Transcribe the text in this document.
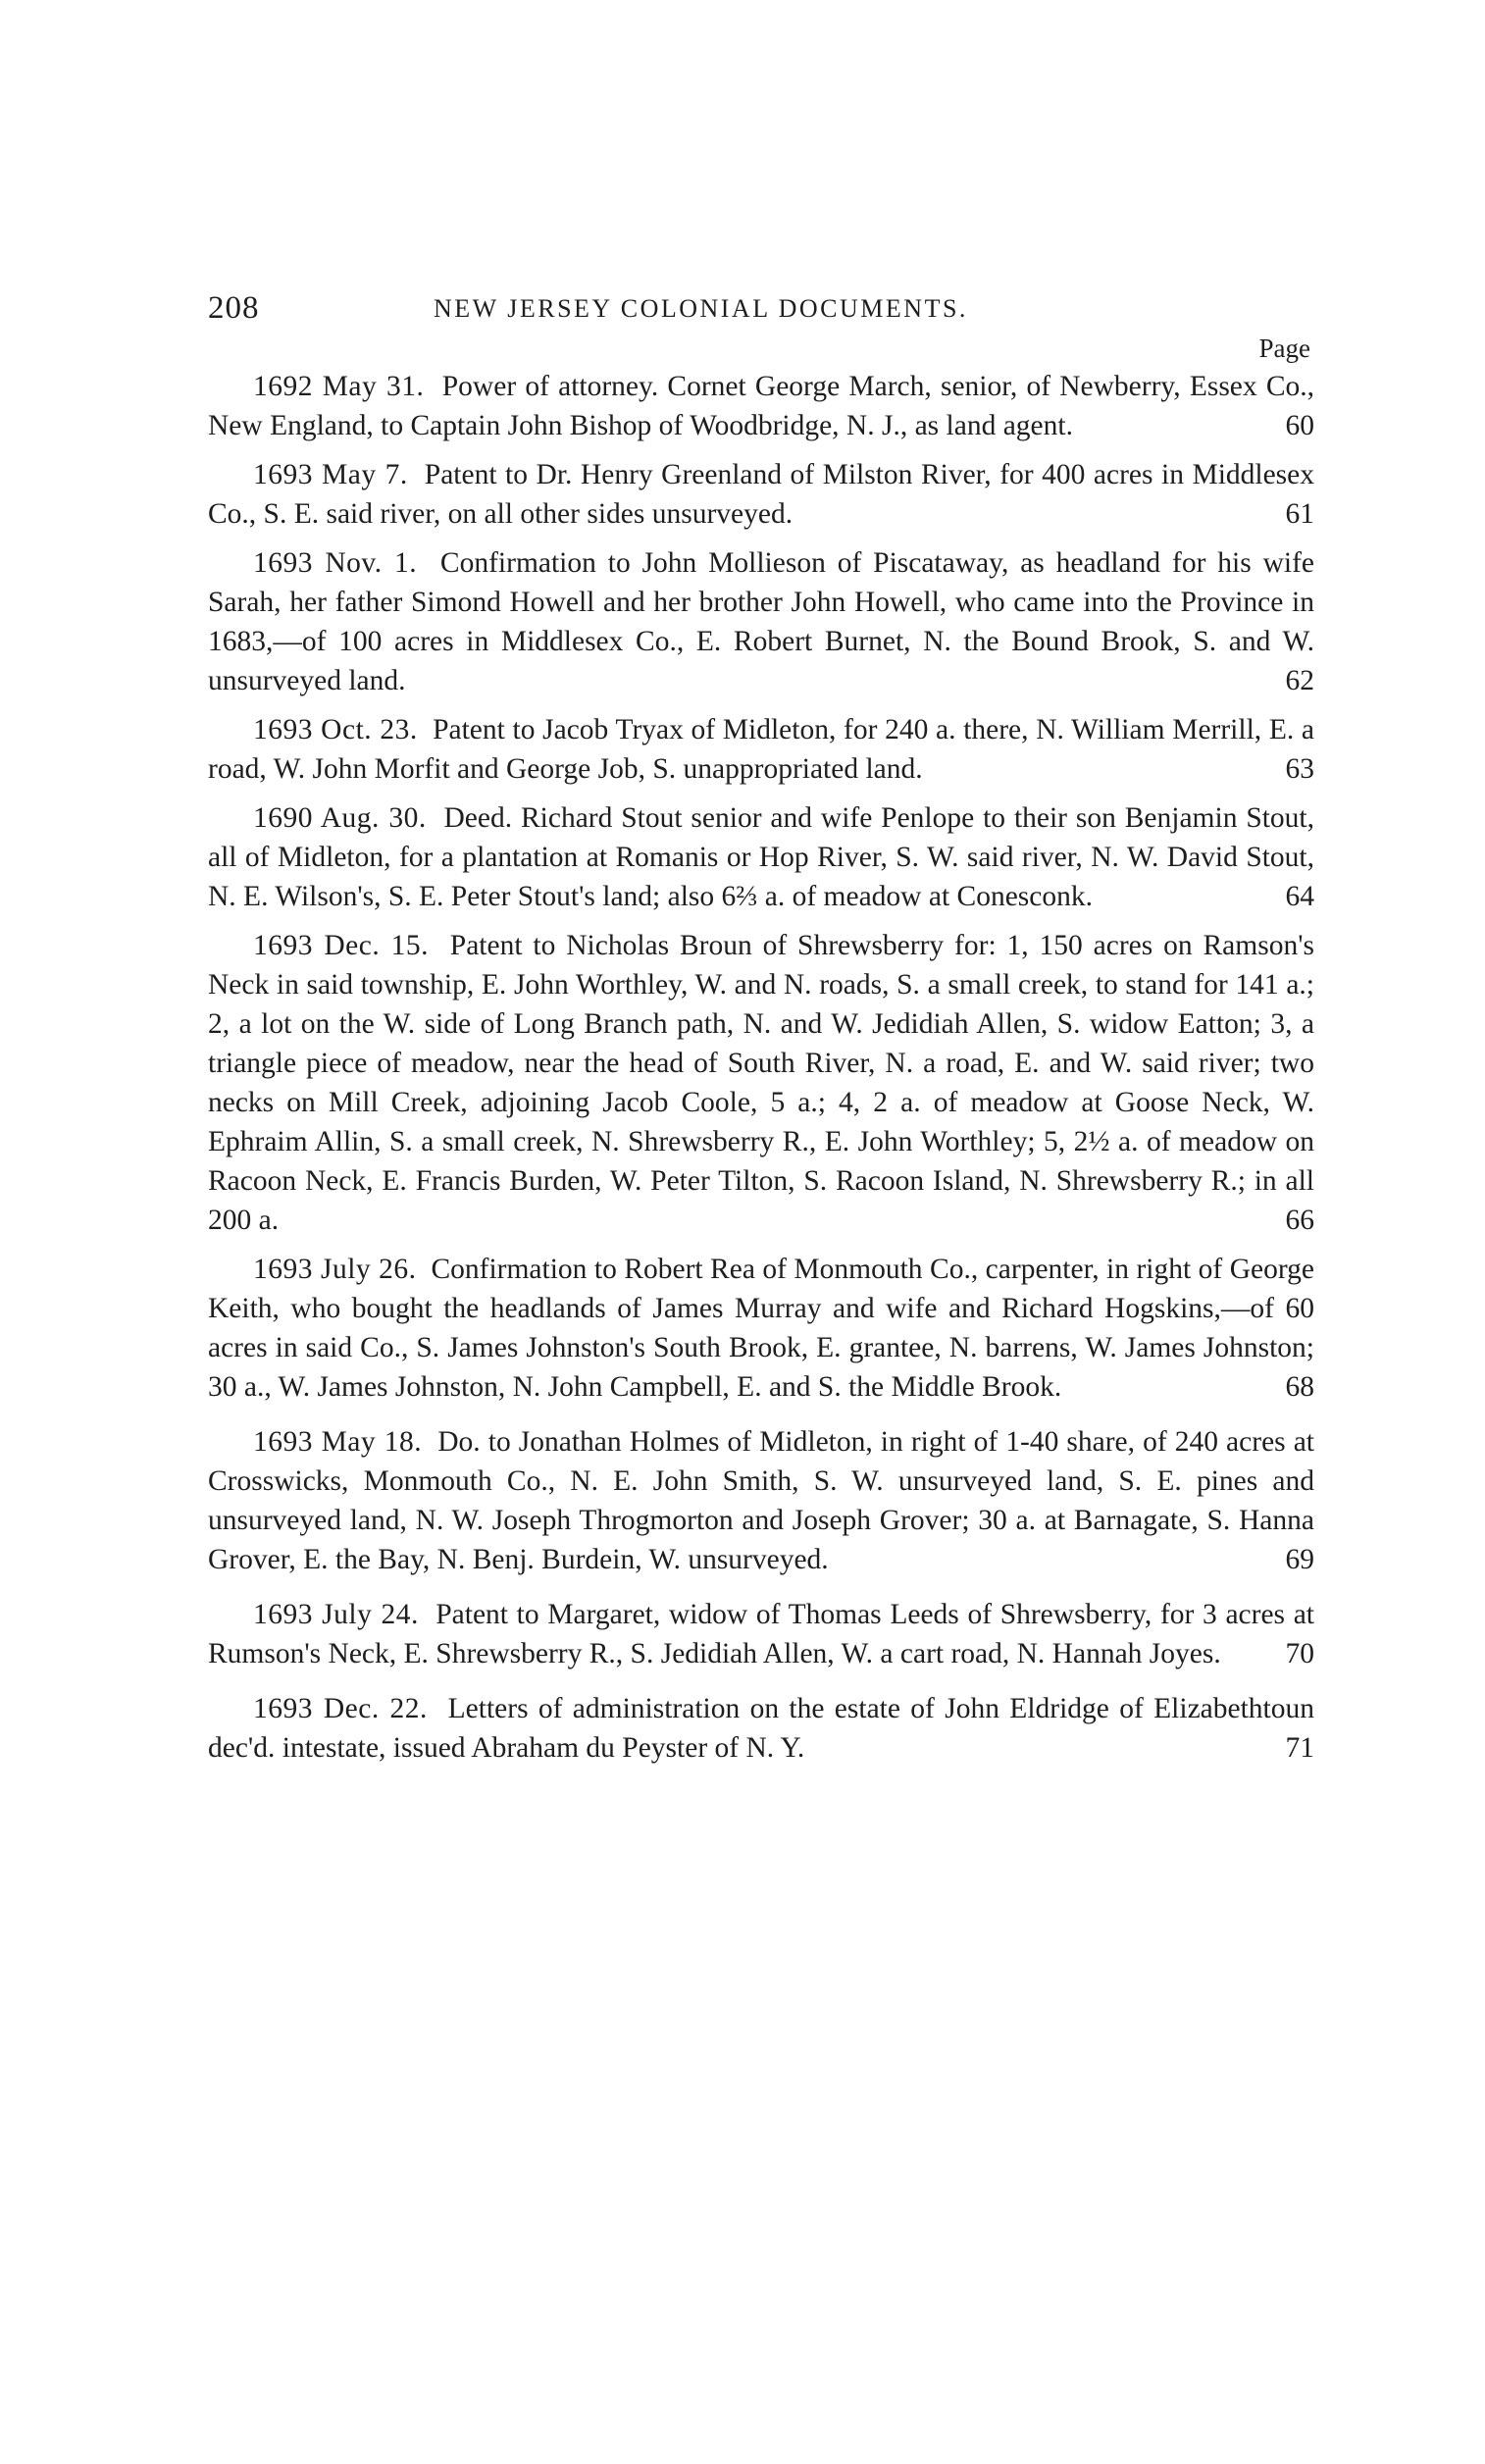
208	NEW JERSEY COLONIAL DOCUMENTS.
Page
1692 May 31. Power of attorney. Cornet George March, senior, of Newberry, Essex Co., New England, to Captain John Bishop of Woodbridge, N. J., as land agent.	60
1693 May 7. Patent to Dr. Henry Greenland of Milston River, for 400 acres in Middlesex Co., S. E. said river, on all other sides unsurveyed.	61
1693 Nov. 1. Confirmation to John Mollieson of Piscataway, as headland for his wife Sarah, her father Simond Howell and her brother John Howell, who came into the Province in 1683,—of 100 acres in Middlesex Co., E. Robert Burnet, N. the Bound Brook, S. and W. unsurveyed land.	62
1693 Oct. 23. Patent to Jacob Tryax of Midleton, for 240 a. there, N. William Merrill, E. a road, W. John Morfit and George Job, S. unappropriated land.	63
1690 Aug. 30. Deed. Richard Stout senior and wife Penlope to their son Benjamin Stout, all of Midleton, for a plantation at Romanis or Hop River, S. W. said river, N. W. David Stout, N. E. Wilson's, S. E. Peter Stout's land; also 6⅔ a. of meadow at Conesconk.	64
1693 Dec. 15. Patent to Nicholas Broun of Shrewsberry for: 1, 150 acres on Ramson's Neck in said township, E. John Worthley, W. and N. roads, S. a small creek, to stand for 141 a.; 2, a lot on the W. side of Long Branch path, N. and W. Jedidiah Allen, S. widow Eatton; 3, a triangle piece of meadow, near the head of South River, N. a road, E. and W. said river; two necks on Mill Creek, adjoining Jacob Coole, 5 a.; 4, 2 a. of meadow at Goose Neck, W. Ephraim Allin, S. a small creek, N. Shrewsberry R., E. John Worthley; 5, 2½ a. of meadow on Racoon Neck, E. Francis Burden, W. Peter Tilton, S. Racoon Island, N. Shrewsberry R.; in all 200 a.	66
1693 July 26. Confirmation to Robert Rea of Monmouth Co., carpenter, in right of George Keith, who bought the headlands of James Murray and wife and Richard Hogskins,—of 60 acres in said Co., S. James Johnston's South Brook, E. grantee, N. barrens, W. James Johnston; 30 a., W. James Johnston, N. John Campbell, E. and S. the Middle Brook.	68
1693 May 18. Do. to Jonathan Holmes of Midleton, in right of 1-40 share, of 240 acres at Crosswicks, Monmouth Co., N. E. John Smith, S. W. unsurveyed land, S. E. pines and unsurveyed land, N. W. Joseph Throgmorton and Joseph Grover; 30 a. at Barnagate, S. Hanna Grover, E. the Bay, N. Benj. Burdein, W. unsurveyed.	69
1693 July 24. Patent to Margaret, widow of Thomas Leeds of Shrewsberry, for 3 acres at Rumson's Neck, E. Shrewsberry R., S. Jedidiah Allen, W. a cart road, N. Hannah Joyes.	70
1693 Dec. 22. Letters of administration on the estate of John Eldridge of Elizabethtoun dec'd. intestate, issued Abraham du Peyster of N. Y.	71
